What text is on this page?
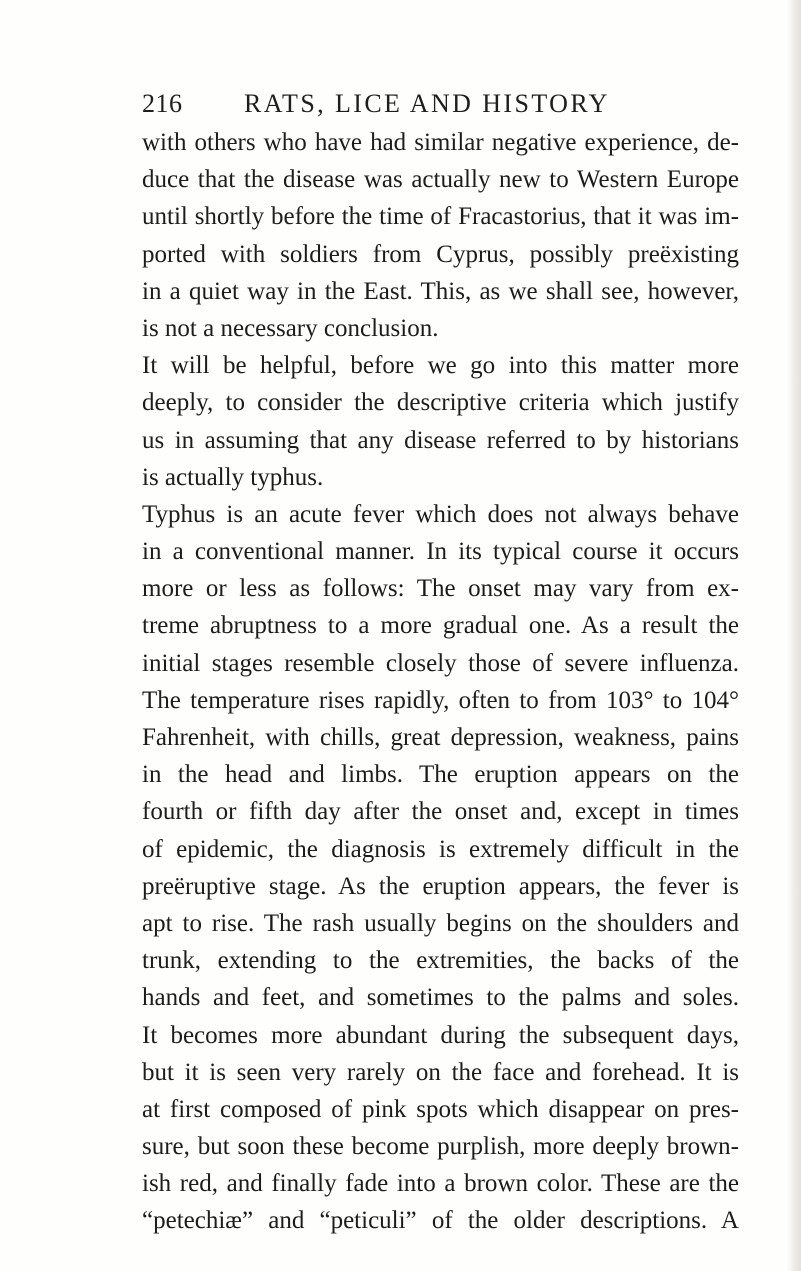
216 RATS, LICE AND HISTORY
with others who have had similar negative experience, de-
duce that the disease was actually new to Western Europe
until shortly before the time of Fracastorius, that it was im-
ported with soldiers from Cyprus, possibly preëxisting
in a quiet way in the East. This, as we shall see, however,
is not a necessary conclusion.
It will be helpful, before we go into this matter more
deeply, to consider the descriptive criteria which justify
us in assuming that any disease referred to by historians
is actually typhus.
Typhus is an acute fever which does not always behave
in a conventional manner. In its typical course it occurs
more or less as follows: The onset may vary from ex-
treme abruptness to a more gradual one. As a result the
initial stages resemble closely those of severe influenza.
The temperature rises rapidly, often to from 103° to 104°
Fahrenheit, with chills, great depression, weakness, pains
in the head and limbs. The eruption appears on the
fourth or fifth day after the onset and, except in times
of epidemic, the diagnosis is extremely difficult in the
preëruptive stage. As the eruption appears, the fever is
apt to rise. The rash usually begins on the shoulders and
trunk, extending to the extremities, the backs of the
hands and feet, and sometimes to the palms and soles.
It becomes more abundant during the subsequent days,
but it is seen very rarely on the face and forehead. It is
at first composed of pink spots which disappear on pres-
sure, but soon these become purplish, more deeply brown-
ish red, and finally fade into a brown color. These are the
“petechiæ” and “peticuli” of the older descriptions. A
